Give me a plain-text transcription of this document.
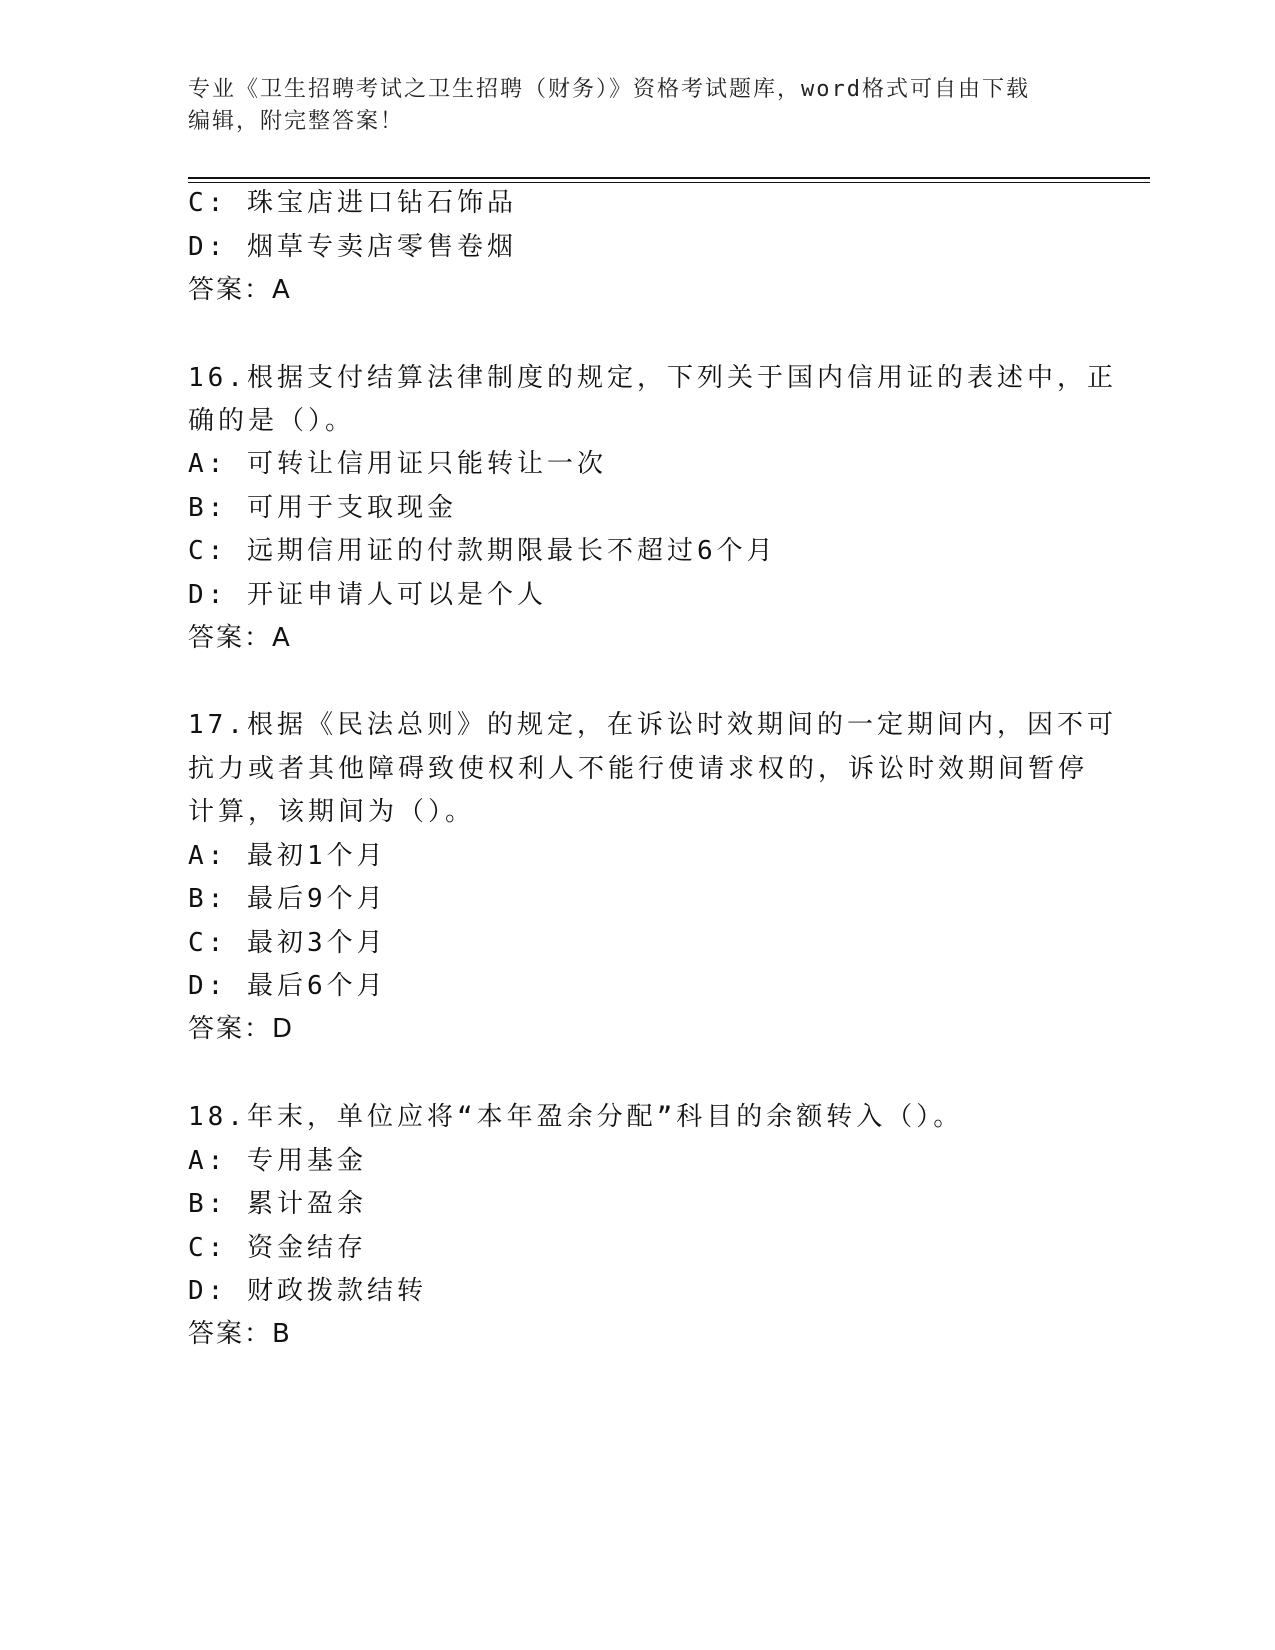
专业《卫生招聘考试之卫生招聘（财务）》资格考试题库，word格式可自由下载
编辑，附完整答案！
C: 珠宝店进口钻石饰品
D: 烟草专卖店零售卷烟
答案：A
16.根据支付结算法律制度的规定，下列关于国内信用证的表述中，正
确的是（）。
A: 可转让信用证只能转让一次
B: 可用于支取现金
C: 远期信用证的付款期限最长不超过6个月
D: 开证申请人可以是个人
答案：A
17.根据《民法总则》的规定，在诉讼时效期间的一定期间内，因不可
抗力或者其他障碍致使权利人不能行使请求权的，诉讼时效期间暂停
计算，该期间为（）。
A: 最初1个月
B: 最后9个月
C: 最初3个月
D: 最后6个月
答案：D
18.年末，单位应将“本年盈余分配”科目的余额转入（）。
A: 专用基金
B: 累计盈余
C: 资金结存
D: 财政拨款结转
答案：B
